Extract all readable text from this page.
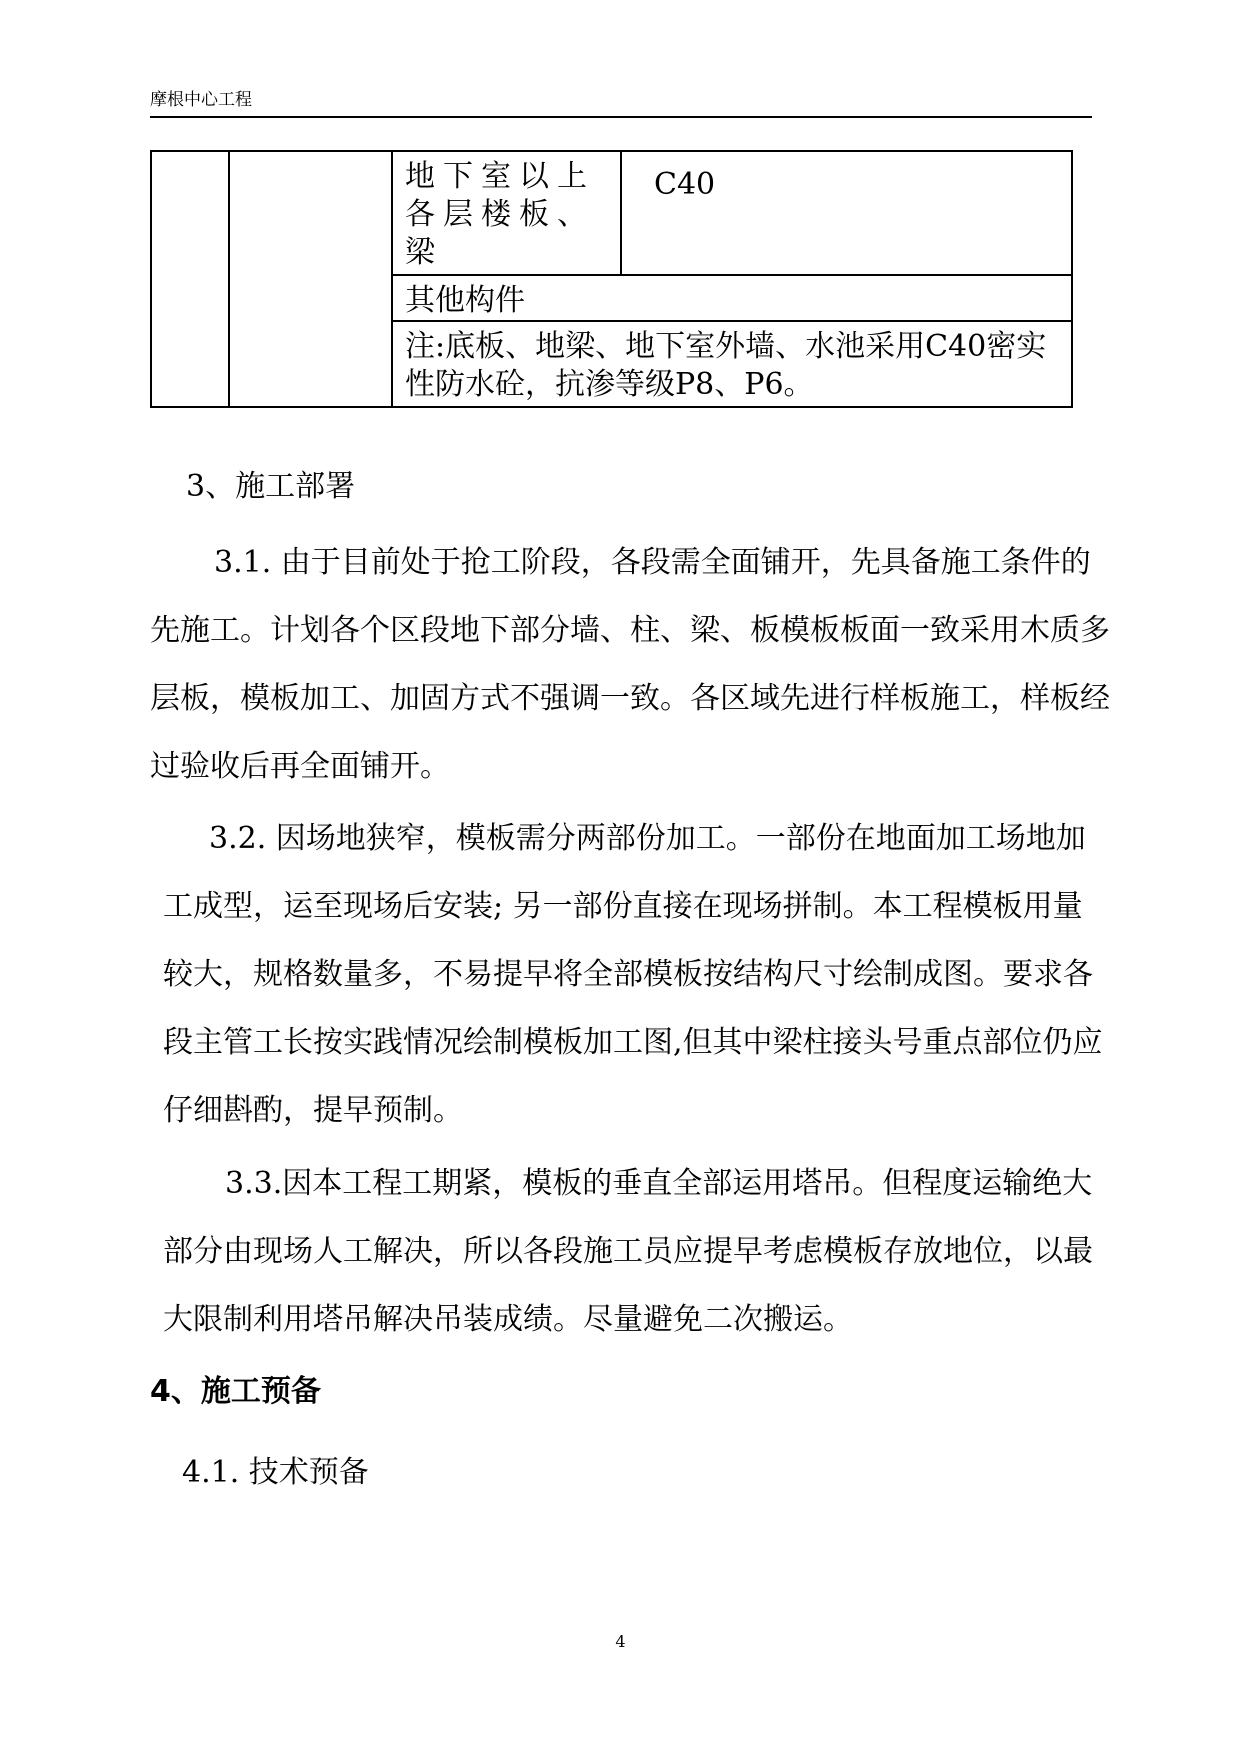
摩根中心工程
		地下室以上各层楼板、梁	C40
其他构件
注:底板、地梁、地下室外墙、水池采用C40密实性防水砼，抗渗等级P8、P6。

3、施工部署

3.1. 由于目前处于抢工阶段，各段需全面铺开，先具备施工条件的先施工。计划各个区段地下部分墙、柱、梁、板模板板面一致采用木质多层板，模板加工、加固方式不强调一致。各区域先进行样板施工，样板经过验收后再全面铺开。

3.2. 因场地狭窄，模板需分两部份加工。一部份在地面加工场地加工成型，运至现场后安装; 另一部份直接在现场拼制。本工程模板用量较大，规格数量多，不易提早将全部模板按结构尺寸绘制成图。要求各段主管工长按实践情况绘制模板加工图,但其中梁柱接头号重点部位仍应仔细斟酌，提早预制。

3.3.因本工程工期紧，模板的垂直全部运用塔吊。但程度运输绝大部分由现场人工解决，所以各段施工员应提早考虑模板存放地位，以最大限制利用塔吊解决吊装成绩。尽量避免二次搬运。

4、施工预备

4.1. 技术预备

4
